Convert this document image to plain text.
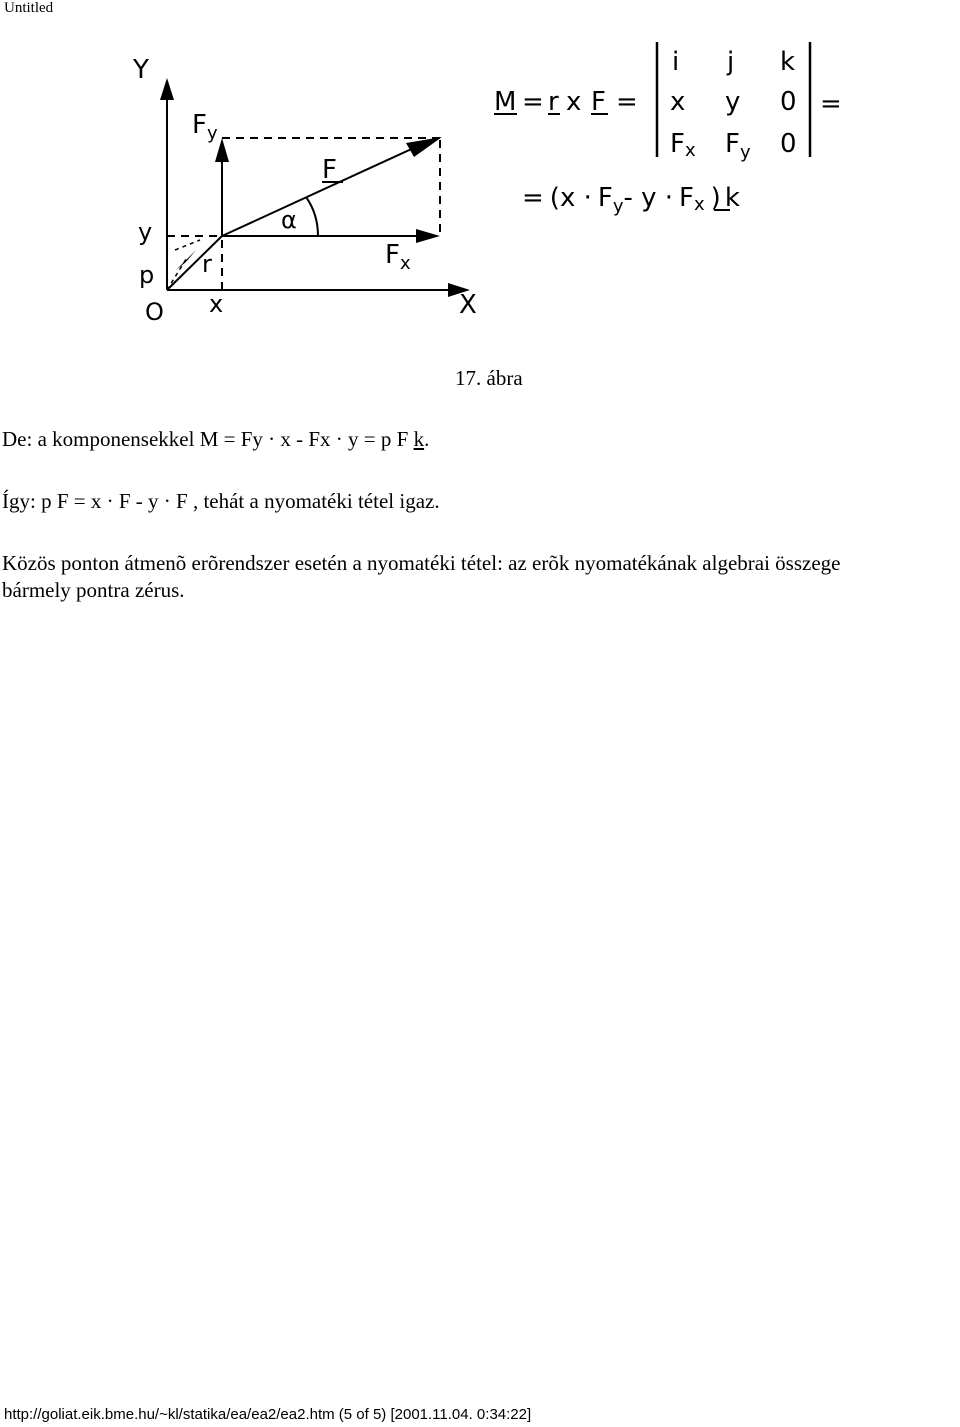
Untitled
Y
X
O
y
x
p r
F
$F_y$
$F_x$
α
M = r x F =
i j k
x y 0
Fx $F_y$ 0
=
= ($x \cdot F_y-$ y · Fx ) k
17. ábra
De: a komponensekkel M = Fy · x - Fx · y = p F k.
Így: p F = x · F - y · F , tehát a nyomatéki tétel igaz.
Közös ponton átmenõ erõrendszer esetén a nyomatéki tétel: az erõk nyomatékának algebrai összege
bármely pontra zérus.
http://goliat.eik.bme.hu/~kl/statika/ea/ea2/ea2.htm (5 of 5) [2001.11.04. 0:34:22]
